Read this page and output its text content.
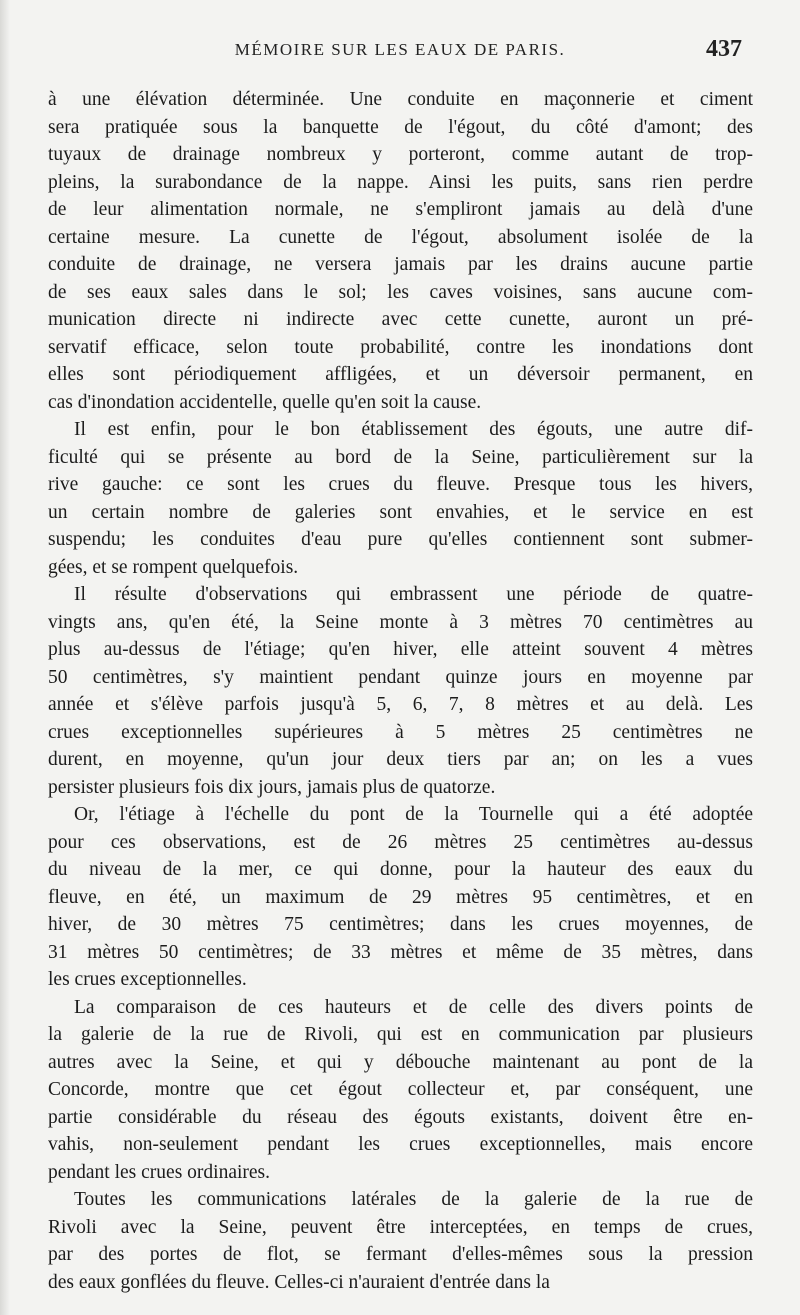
MÉMOIRE SUR LES EAUX DE PARIS.	437
à une élévation déterminée. Une conduite en maçonnerie et ciment
sera pratiquée sous la banquette de l'égout, du côté d'amont; des
tuyaux de drainage nombreux y porteront, comme autant de trop-
pleins, la surabondance de la nappe. Ainsi les puits, sans rien perdre
de leur alimentation normale, ne s'empliront jamais au delà d'une
certaine mesure. La cunette de l'égout, absolument isolée de la
conduite de drainage, ne versera jamais par les drains aucune partie
de ses eaux sales dans le sol; les caves voisines, sans aucune com-
munication directe ni indirecte avec cette cunette, auront un pré-
servatif efficace, selon toute probabilité, contre les inondations dont
elles sont périodiquement affligées, et un déversoir permanent, en
cas d'inondation accidentelle, quelle qu'en soit la cause.
Il est enfin, pour le bon établissement des égouts, une autre dif-
ficulté qui se présente au bord de la Seine, particulièrement sur la
rive gauche: ce sont les crues du fleuve. Presque tous les hivers,
un certain nombre de galeries sont envahies, et le service en est
suspendu; les conduites d'eau pure qu'elles contiennent sont submer-
gées, et se rompent quelquefois.
Il résulte d'observations qui embrassent une période de quatre-
vingts ans, qu'en été, la Seine monte à 3 mètres 70 centimètres au
plus au-dessus de l'étiage; qu'en hiver, elle atteint souvent 4 mètres
50 centimètres, s'y maintient pendant quinze jours en moyenne par
année et s'élève parfois jusqu'à 5, 6, 7, 8 mètres et au delà. Les
crues exceptionnelles supérieures à 5 mètres 25 centimètres ne
durent, en moyenne, qu'un jour deux tiers par an; on les a vues
persister plusieurs fois dix jours, jamais plus de quatorze.
Or, l'étiage à l'échelle du pont de la Tournelle qui a été adoptée
pour ces observations, est de 26 mètres 25 centimètres au-dessus
du niveau de la mer, ce qui donne, pour la hauteur des eaux du
fleuve, en été, un maximum de 29 mètres 95 centimètres, et en
hiver, de 30 mètres 75 centimètres; dans les crues moyennes, de
31 mètres 50 centimètres; de 33 mètres et même de 35 mètres, dans
les crues exceptionnelles.
La comparaison de ces hauteurs et de celle des divers points de
la galerie de la rue de Rivoli, qui est en communication par plusieurs
autres avec la Seine, et qui y débouche maintenant au pont de la
Concorde, montre que cet égout collecteur et, par conséquent, une
partie considérable du réseau des égouts existants, doivent être en-
vahis, non-seulement pendant les crues exceptionnelles, mais encore
pendant les crues ordinaires.
Toutes les communications latérales de la galerie de la rue de
Rivoli avec la Seine, peuvent être interceptées, en temps de crues,
par des portes de flot, se fermant d'elles-mêmes sous la pression
des eaux gonflées du fleuve. Celles-ci n'auraient d'entrée dans la
